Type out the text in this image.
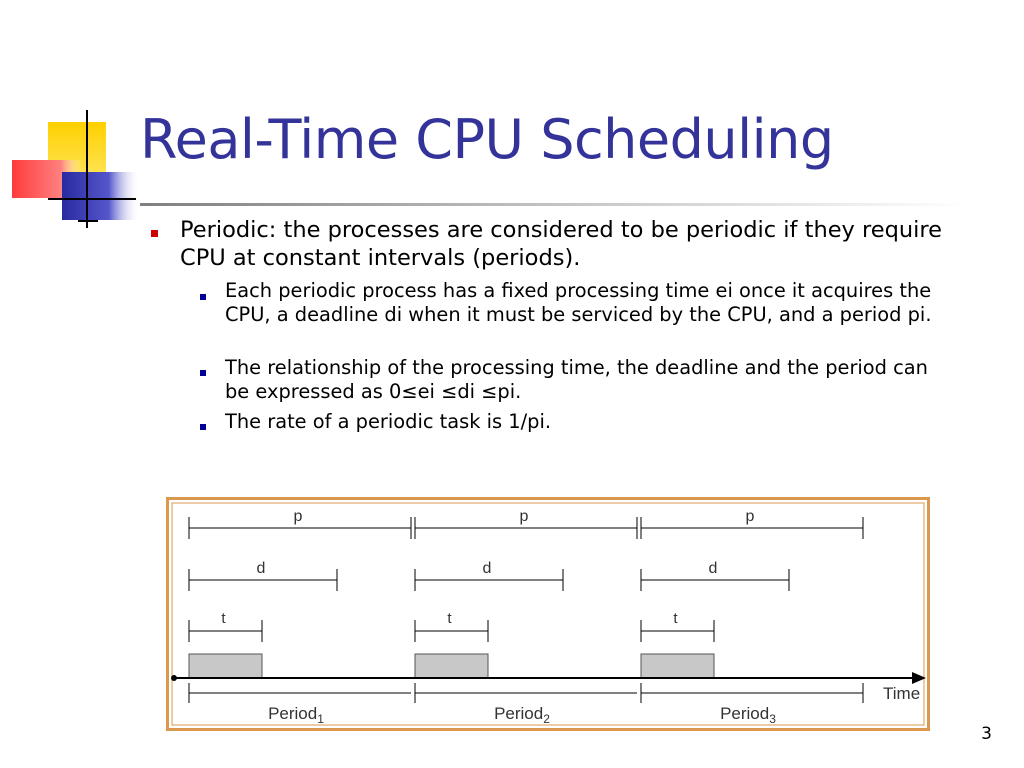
Real-Time CPU Scheduling
Periodic: the processes are considered to be periodic if they require CPU at constant intervals (periods).
Each periodic process has a fixed processing time ei once it acquires the CPU, a deadline di when it must be serviced by the CPU, and a period pi.
The relationship of the processing time, the deadline and the period can be expressed as 0≤ei ≤di ≤pi.
The rate of a periodic task is 1/pi.
p
d
t
Period$_1$
p
d
t
Period$_2$
p
d
t
Period$_3$
Time
3
